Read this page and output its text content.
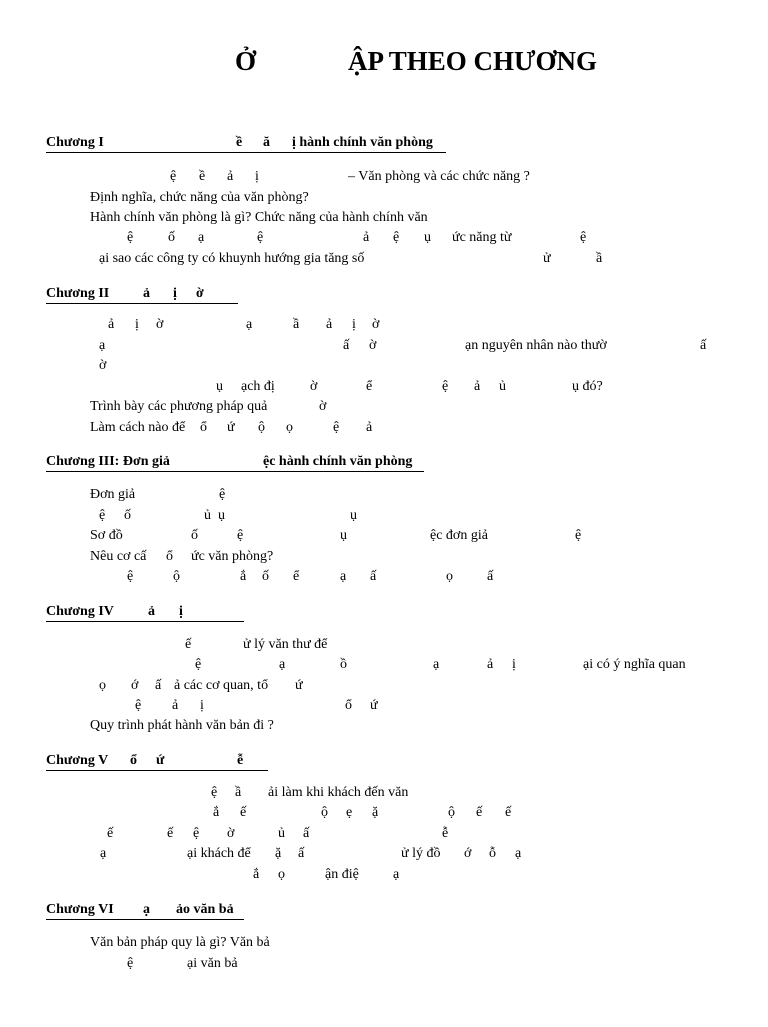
Ở	ẬP THEO CHƯƠNG

Chương I

	ề

ă

ị hành chính văn phòng

ệ

ề

ả

ị

	– Văn phòng và các chức năng ?

Định nghĩa, chức năng của văn phòng?

Hành chính văn phòng là gì? Chức năng của hành chính văn

ệ

ố

ạ

	ệ

	ả

ệ

ụ

ức năng từ

	ệ

ại sao các công ty có khuynh hướng gia tăng số

	ử

	ầ

Chương II

ả

ị

ờ

ả

ị

ờ

	ạ

	ầ

ả

ị

ờ

ạ

	ấ

ờ

	ạn nguyên nhân nào thườ

	ấ

ờ

ụ

ạch đị

	ờ

	ể

	ệ

ả

ủ

	ụ đó?

Trình bày các phương pháp quả

	ờ

Làm cách nào để

ổ

ứ

ộ

ọ

	ệ

ả

Chương III: Đơn giả

	ệc hành chính văn phòng

Đơn giả

	ệ

ệ

ố

	ủ

ụ

	ụ

Sơ đồ

	ố

	ệ

	ụ

	ệc đơn giả

	ệ

Nêu cơ cấ

ổ

ức văn phòng?

ệ

	ộ

	ắ

ố

ể

	ạ

ấ

	ọ

ấ

Chương IV

ả

ị

ế

	ử lý văn thư để

ệ

	ạ

	ồ

	ạ

	ả

ị

	ại có ý nghĩa quan

ọ

ớ

ấ

ả các cơ quan, tổ

ứ

ệ

ả

ị

	ổ

ứ

Quy trình phát hành văn bản đi ?

Chương V

ổ

ứ

	ễ

ệ

ầ

ải làm khi khách đến văn

ắ

ế

	ộ

ẹ

ặ

	ộ

ế

ế

ế

	ế

ệ

ờ

	ủ

ấ

	ễ

ạ

	ại khách để

ặ

ấ

	ử lý đồ

ớ

ỗ

ạ

ắ

ọ

	ận điệ

ạ

Chương VI

ạ

ảo văn bả

Văn bản pháp quy là gì? Văn bả

ệ

	ại văn bả
